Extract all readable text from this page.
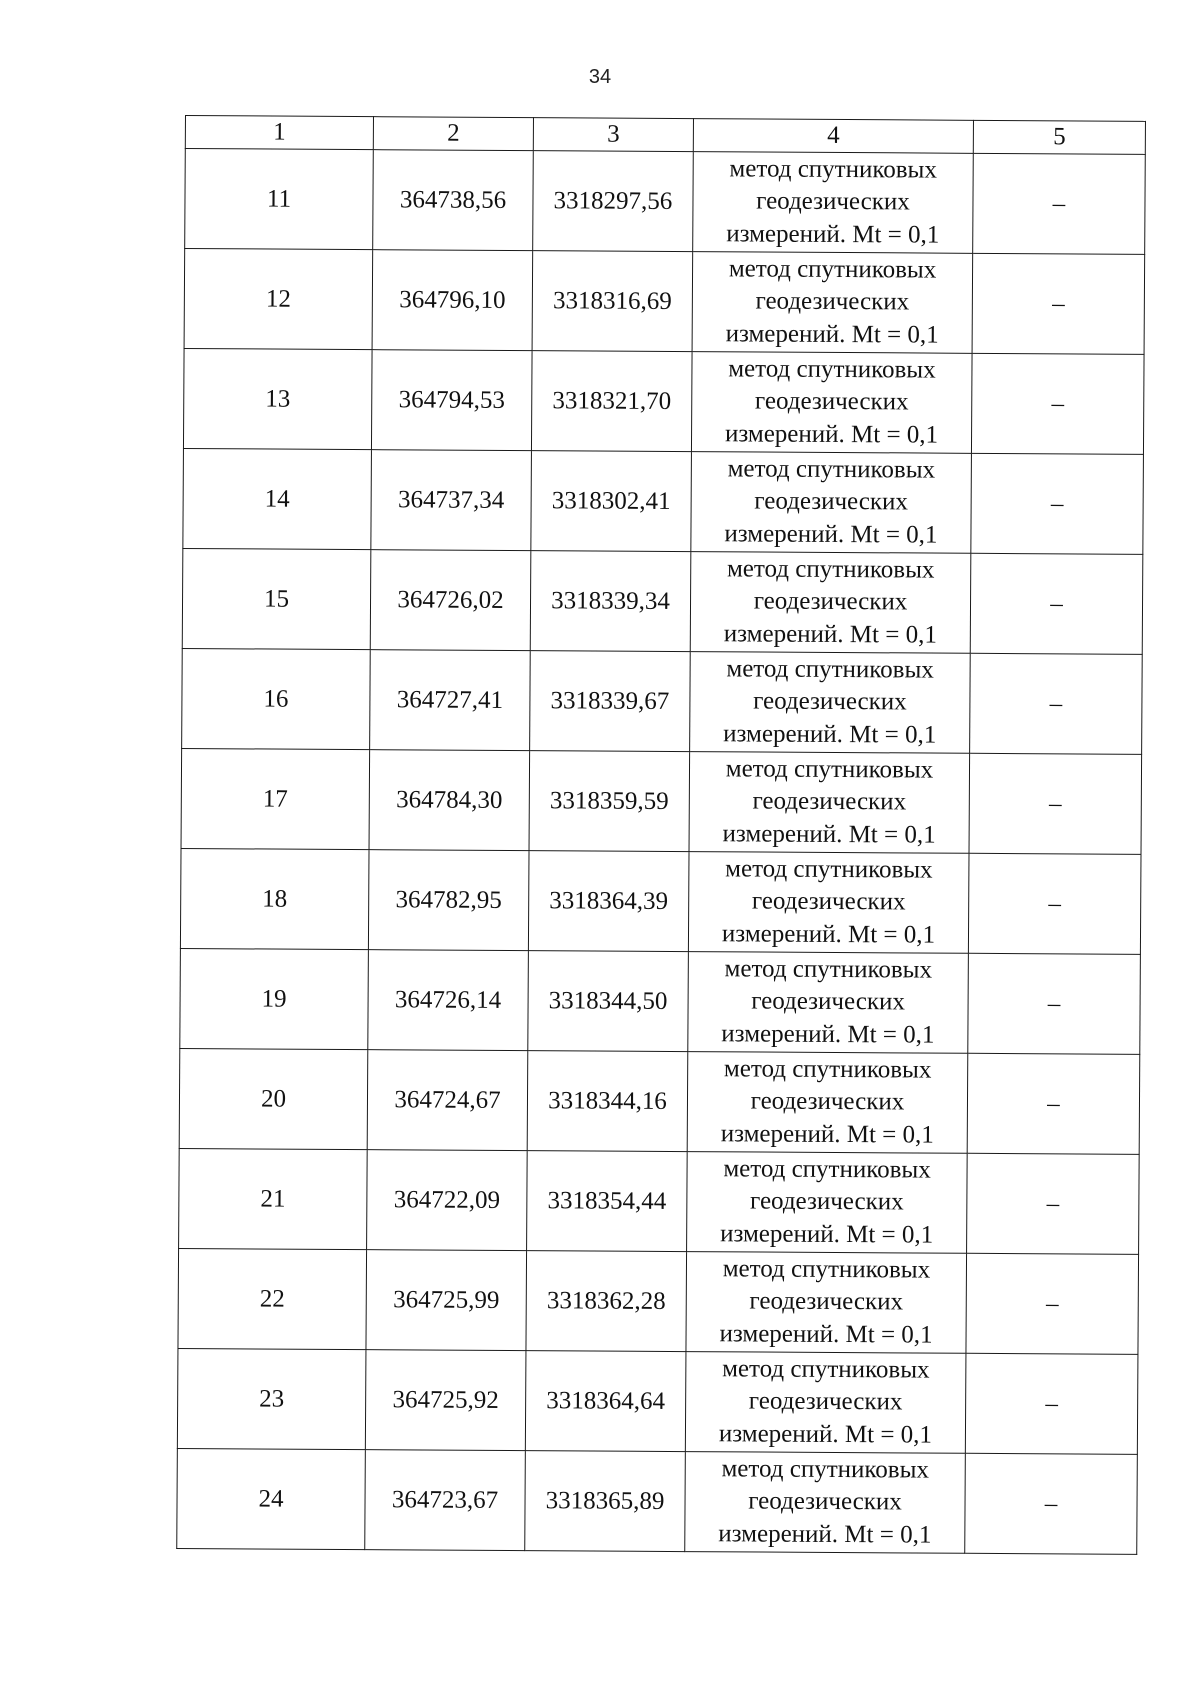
34
1	2	3	4	5
11	364738,56	3318297,56	метод спутниковых
геодезических
измерений. Mt = 0,1	–
12	364796,10	3318316,69	метод спутниковых
геодезических
измерений. Mt = 0,1	–
13	364794,53	3318321,70	метод спутниковых
геодезических
измерений. Mt = 0,1	–
14	364737,34	3318302,41	метод спутниковых
геодезических
измерений. Mt = 0,1	–
15	364726,02	3318339,34	метод спутниковых
геодезических
измерений. Mt = 0,1	–
16	364727,41	3318339,67	метод спутниковых
геодезических
измерений. Mt = 0,1	–
17	364784,30	3318359,59	метод спутниковых
геодезических
измерений. Mt = 0,1	–
18	364782,95	3318364,39	метод спутниковых
геодезических
измерений. Mt = 0,1	–
19	364726,14	3318344,50	метод спутниковых
геодезических
измерений. Mt = 0,1	–
20	364724,67	3318344,16	метод спутниковых
геодезических
измерений. Mt = 0,1	–
21	364722,09	3318354,44	метод спутниковых
геодезических
измерений. Mt = 0,1	–
22	364725,99	3318362,28	метод спутниковых
геодезических
измерений. Mt = 0,1	–
23	364725,92	3318364,64	метод спутниковых
геодезических
измерений. Mt = 0,1	–
24	364723,67	3318365,89	метод спутниковых
геодезических
измерений. Mt = 0,1	–
